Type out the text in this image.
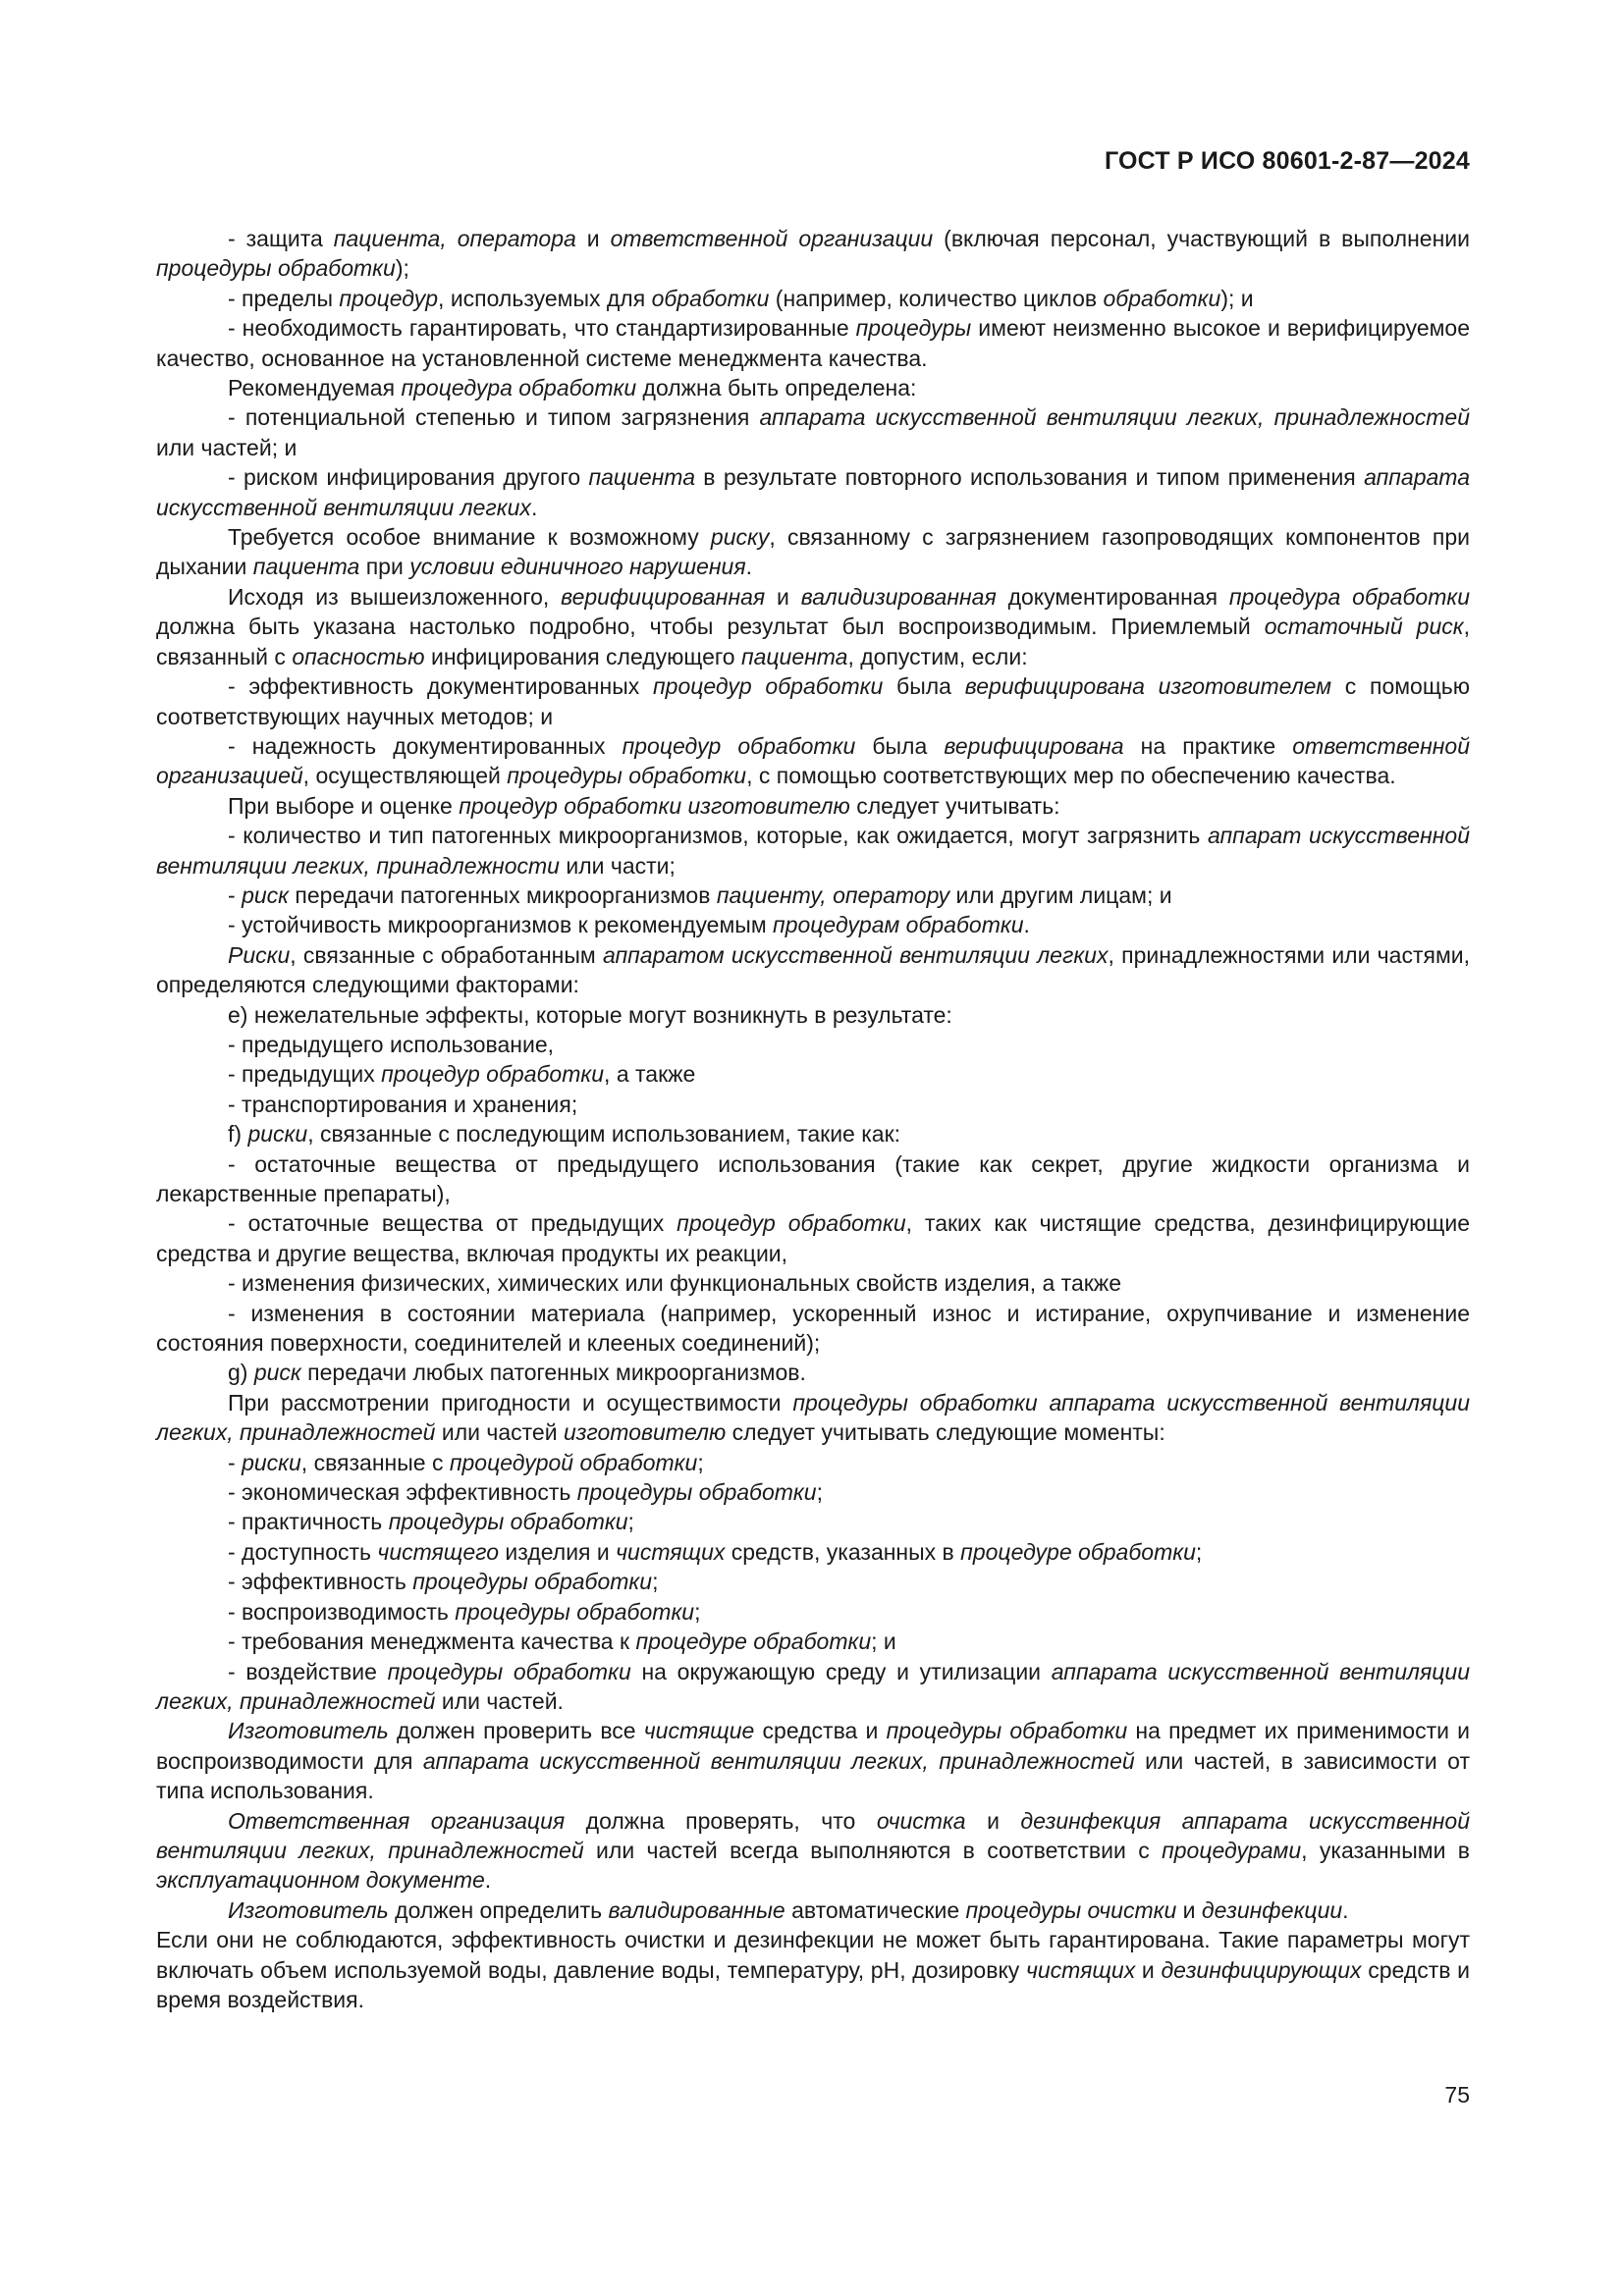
ГОСТ Р ИСО 80601-2-87—2024

- защита пациента, оператора и ответственной организации (включая персонал, участвующий в выполнении процедуры обработки);

- пределы процедур, используемых для обработки (например, количество циклов обработки); и

- необходимость гарантировать, что стандартизированные процедуры имеют неизменно высокое и верифицируемое качество, основанное на установленной системе менеджмента качества.

Рекомендуемая процедура обработки должна быть определена:

- потенциальной степенью и типом загрязнения аппарата искусственной вентиляции легких, принадлежностей или частей; и

- риском инфицирования другого пациента в результате повторного использования и типом применения аппарата искусственной вентиляции легких.

Требуется особое внимание к возможному риску, связанному с загрязнением газопроводящих компонентов при дыхании пациента при условии единичного нарушения.

Исходя из вышеизложенного, верифицированная и валидизированная документированная процедура обработки должна быть указана настолько подробно, чтобы результат был воспроизводимым. Приемлемый остаточный риск, связанный с опасностью инфицирования следующего пациента, допустим, если:

- эффективность документированных процедур обработки была верифицирована изготовителем с помощью соответствующих научных методов; и

- надежность документированных процедур обработки была верифицирована на практике ответственной организацией, осуществляющей процедуры обработки, с помощью соответствующих мер по обеспечению качества.

При выборе и оценке процедур обработки изготовителю следует учитывать:

- количество и тип патогенных микроорганизмов, которые, как ожидается, могут загрязнить аппарат искусственной вентиляции легких, принадлежности или части;

- риск передачи патогенных микроорганизмов пациенту, оператору или другим лицам; и

- устойчивость микроорганизмов к рекомендуемым процедурам обработки.

Риски, связанные с обработанным аппаратом искусственной вентиляции легких, принадлежностями или частями, определяются следующими факторами:

e) нежелательные эффекты, которые могут возникнуть в результате:

- предыдущего использование,

- предыдущих процедур обработки, а также

- транспортирования и хранения;

f) риски, связанные с последующим использованием, такие как:

- остаточные вещества от предыдущего использования (такие как секрет, другие жидкости организма и лекарственные препараты),

- остаточные вещества от предыдущих процедур обработки, таких как чистящие средства, дезинфицирующие средства и другие вещества, включая продукты их реакции,

- изменения физических, химических или функциональных свойств изделия, а также

- изменения в состоянии материала (например, ускоренный износ и истирание, охрупчивание и изменение состояния поверхности, соединителей и клееных соединений);

g) риск передачи любых патогенных микроорганизмов.

При рассмотрении пригодности и осуществимости процедуры обработки аппарата искусственной вентиляции легких, принадлежностей или частей изготовителю следует учитывать следующие моменты:

- риски, связанные с процедурой обработки;

- экономическая эффективность процедуры обработки;

- практичность процедуры обработки;

- доступность чистящего изделия и чистящих средств, указанных в процедуре обработки;

- эффективность процедуры обработки;

- воспроизводимость процедуры обработки;

- требования менеджмента качества к процедуре обработки; и

- воздействие процедуры обработки на окружающую среду и утилизации аппарата искусственной вентиляции легких, принадлежностей или частей.

Изготовитель должен проверить все чистящие средства и процедуры обработки на предмет их применимости и воспроизводимости для аппарата искусственной вентиляции легких, принадлежностей или частей, в зависимости от типа использования.

Ответственная организация должна проверять, что очистка и дезинфекция аппарата искусственной вентиляции легких, принадлежностей или частей всегда выполняются в соответствии с процедурами, указанными в эксплуатационном документе.

Изготовитель должен определить валидированные автоматические процедуры очистки и дезинфекции.

Если они не соблюдаются, эффективность очистки и дезинфекции не может быть гарантирована. Такие параметры могут включать объем используемой воды, давление воды, температуру, pH, дозировку чистящих и дезинфицирующих средств и время воздействия.

75
